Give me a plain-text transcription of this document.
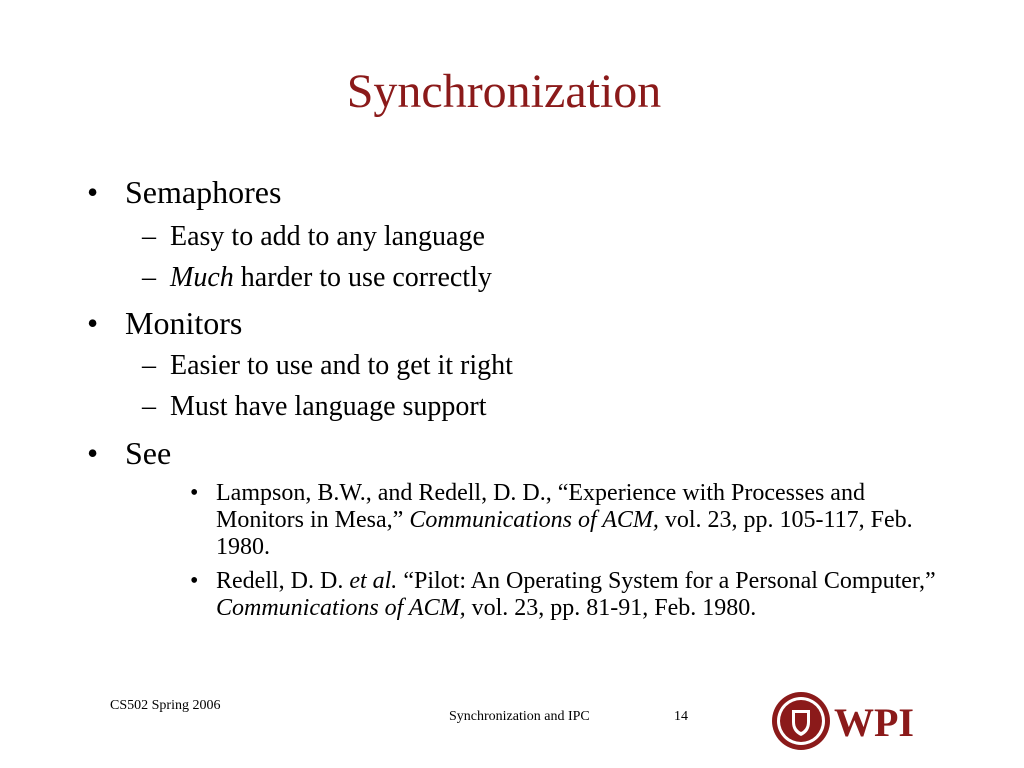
Synchronization
• Semaphores
– Easy to add to any language
– Much harder to use correctly
• Monitors
– Easier to use and to get it right
– Must have language support
• See
• Lampson, B.W., and Redell, D. D., “Experience with Processes and Monitors in Mesa,” Communications of ACM, vol. 23, pp. 105-117, Feb. 1980.
• Redell, D. D. et al. “Pilot: An Operating System for a Personal Computer,” Communications of ACM, vol. 23, pp. 81-91, Feb. 1980.
CS502 Spring 2006
Synchronization and IPC	14	WPI
